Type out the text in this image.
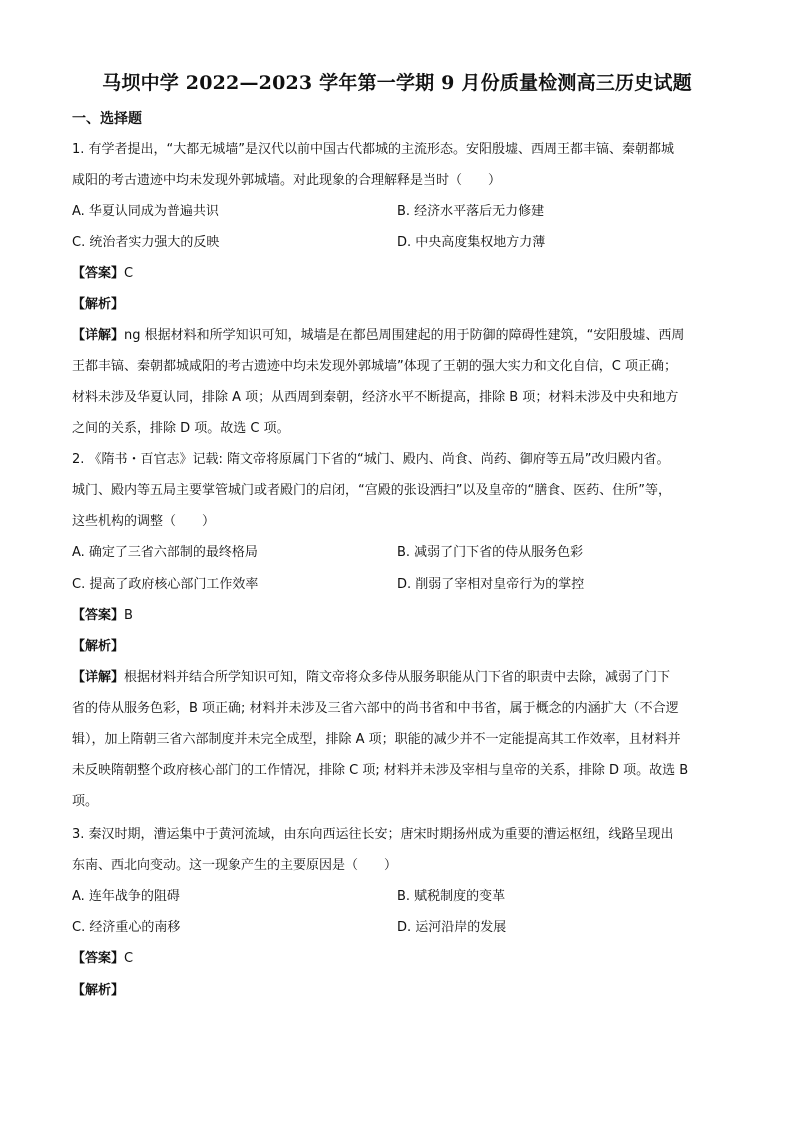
马坝中学 2022—2023 学年第一学期 9 月份质量检测高三历史试题
一、选择题
1. 有学者提出，“大都无城墙”是汉代以前中国古代都城的主流形态。安阳殷墟、西周王都丰镐、秦朝都城
咸阳的考古遗迹中均未发现外郭城墙。对此现象的合理解释是当时（　　）
A. 华夏认同成为普遍共识	B. 经济水平落后无力修建
C. 统治者实力强大的反映	D. 中央高度集权地方力薄
【答案】C
【解析】
【详解】ng 根据材料和所学知识可知，城墙是在都邑周围建起的用于防御的障碍性建筑，“安阳殷墟、西周
王都丰镐、秦朝都城咸阳的考古遗迹中均未发现外郭城墙”体现了王朝的强大实力和文化自信，C 项正确；
材料未涉及华夏认同，排除 A 项；从西周到秦朝，经济水平不断提高，排除 B 项；材料未涉及中央和地方
之间的关系，排除 D 项。故选 C 项。
2. 《隋书・百官志》记载: 隋文帝将原属门下省的“城门、殿内、尚食、尚药、御府等五局”改归殿内省。
城门、殿内等五局主要掌管城门或者殿门的启闭，“宫殿的张设洒扫”以及皇帝的“膳食、医药、住所”等，
这些机构的调整（　　）
A. 确定了三省六部制的最终格局	B. 减弱了门下省的侍从服务色彩
C. 提高了政府核心部门工作效率	D. 削弱了宰相对皇帝行为的掌控
【答案】B
【解析】
【详解】根据材料并结合所学知识可知，隋文帝将众多侍从服务职能从门下省的职责中去除，减弱了门下
省的侍从服务色彩，B 项正确; 材料并未涉及三省六部中的尚书省和中书省，属于概念的内涵扩大（不合逻
辑），加上隋朝三省六部制度并未完全成型，排除 A 项；职能的减少并不一定能提高其工作效率，且材料并
未反映隋朝整个政府核心部门的工作情况，排除 C 项; 材料并未涉及宰相与皇帝的关系，排除 D 项。故选 B
项。
3. 秦汉时期，漕运集中于黄河流域，由东向西运往长安；唐宋时期扬州成为重要的漕运枢纽，线路呈现出
东南、西北向变动。这一现象产生的主要原因是（　　）
A. 连年战争的阻碍	B. 赋税制度的变革
C. 经济重心的南移	D. 运河沿岸的发展
【答案】C
【解析】
